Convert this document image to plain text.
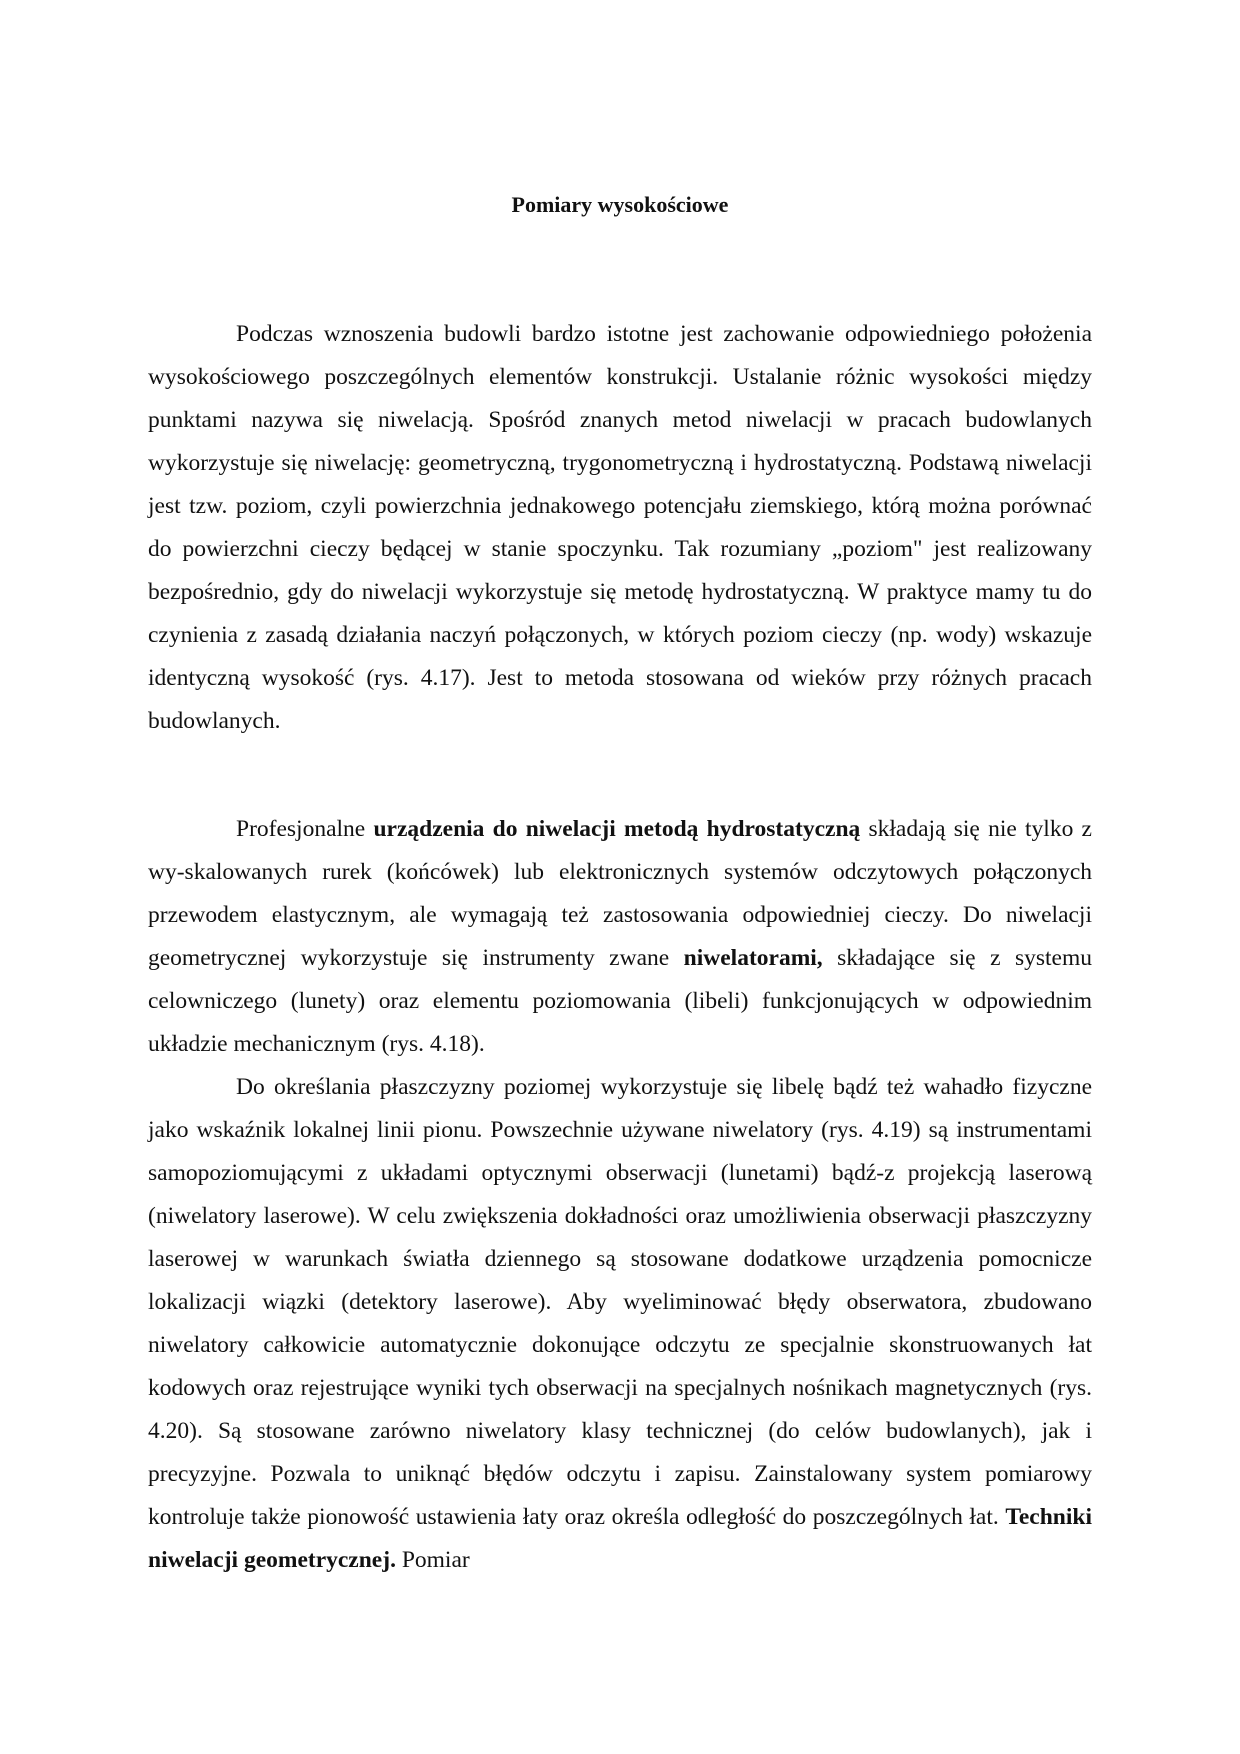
Pomiary wysokościowe

Podczas wznoszenia budowli bardzo istotne jest zachowanie odpowiedniego położenia wysokościowego poszczególnych elementów konstrukcji. Ustalanie różnic wysokości między punktami nazywa się niwelacją. Spośród znanych metod niwelacji w pracach budowlanych wykorzystuje się niwelację: geometryczną, trygonometryczną i hydrostatyczną. Podstawą niwelacji jest tzw. poziom, czyli powierzchnia jednakowego potencjału ziemskiego, którą można porównać do powierzchni cieczy będącej w stanie spoczynku. Tak rozumiany „poziom" jest realizowany bezpośrednio, gdy do niwelacji wykorzystuje się metodę hydrostatyczną. W praktyce mamy tu do czynienia z zasadą działania naczyń połączonych, w których poziom cieczy (np. wody) wskazuje identyczną wysokość (rys. 4.17). Jest to metoda stosowana od wieków przy różnych pracach budowlanych.

Profesjonalne urządzenia do niwelacji metodą hydrostatyczną składają się nie tylko z wy-skalowanych rurek (końcówek) lub elektronicznych systemów odczytowych połączonych przewodem elastycznym, ale wymagają też zastosowania odpowiedniej cieczy. Do niwelacji geometrycznej wykorzystuje się instrumenty zwane niwelatorami, składające się z systemu celowniczego (lunety) oraz elementu poziomowania (libeli) funkcjonujących w odpowiednim układzie mechanicznym (rys. 4.18).

Do określania płaszczyzny poziomej wykorzystuje się libelę bądź też wahadło fizyczne jako wskaźnik lokalnej linii pionu. Powszechnie używane niwelatory (rys. 4.19) są instrumentami samopoziomującymi z układami optycznymi obserwacji (lunetami) bądź-z projekcją laserową (niwelatory laserowe). W celu zwiększenia dokładności oraz umożliwienia obserwacji płaszczyzny laserowej w warunkach światła dziennego są stosowane dodatkowe urządzenia pomocnicze lokalizacji wiązki (detektory laserowe). Aby wyeliminować błędy obserwatora, zbudowano niwelatory całkowicie automatycznie dokonujące odczytu ze specjalnie skonstruowanych łat kodowych oraz rejestrujące wyniki tych obserwacji na specjalnych nośnikach magnetycznych (rys. 4.20). Są stosowane zarówno niwelatory klasy technicznej (do celów budowlanych), jak i precyzyjne. Pozwala to uniknąć błędów odczytu i zapisu. Zainstalowany system pomiarowy kontroluje także pionowość ustawienia łaty oraz określa odległość do poszczególnych łat. Techniki niwelacji geometrycznej. Pomiar
